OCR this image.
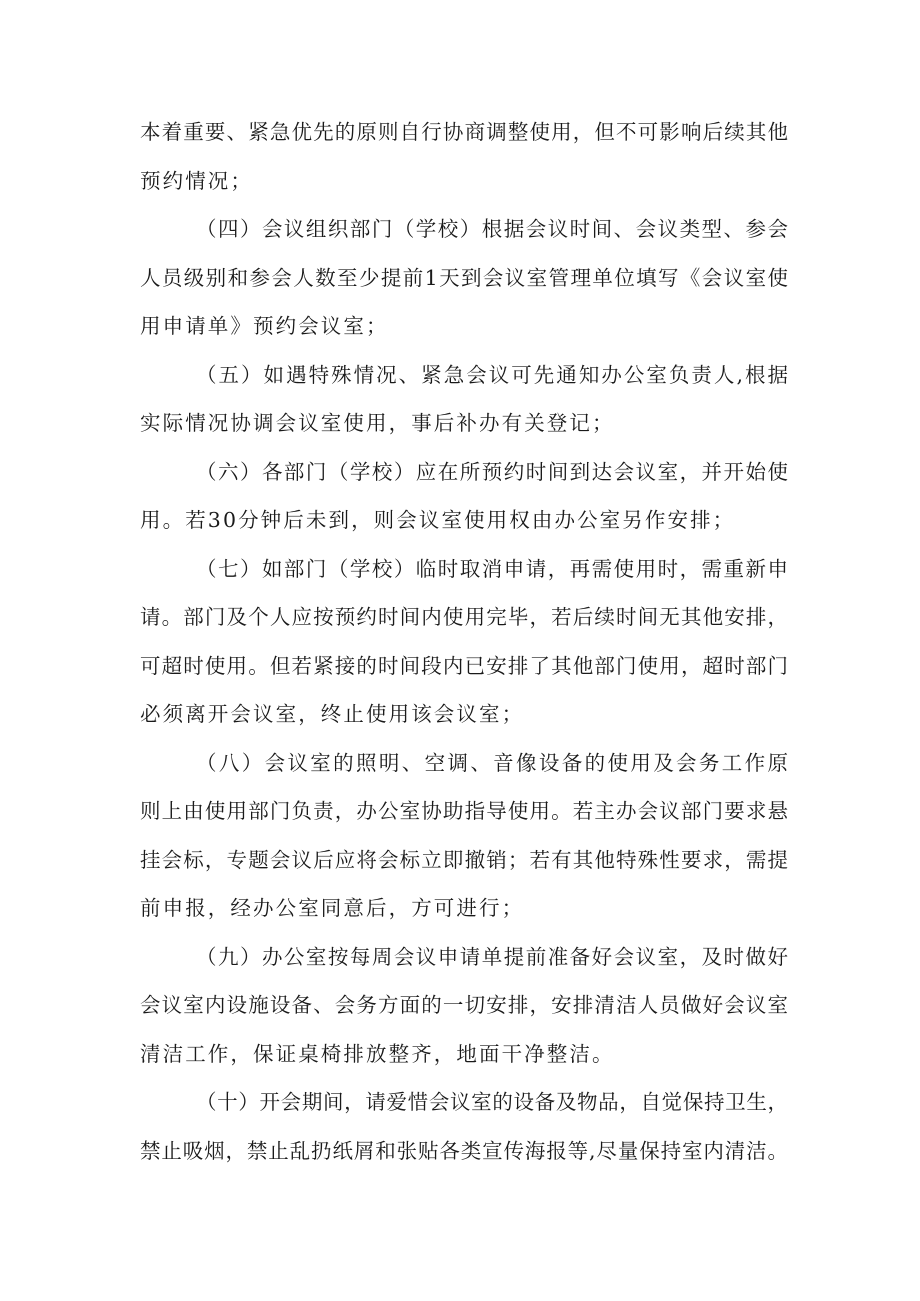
本着重要、紧急优先的原则自行协商调整使用，但不可影响后续其他
预约情况；
（四）会议组织部门（学校）根据会议时间、会议类型、参会
人员级别和参会人数至少提前1天到会议室管理单位填写《会议室使
用申请单》预约会议室；
（五）如遇特殊情况、紧急会议可先通知办公室负责人,根据
实际情况协调会议室使用，事后补办有关登记；
（六）各部门（学校）应在所预约时间到达会议室，并开始使
用。若30分钟后未到，则会议室使用权由办公室另作安排；
（七）如部门（学校）临时取消申请，再需使用时，需重新申
请。部门及个人应按预约时间内使用完毕，若后续时间无其他安排，
可超时使用。但若紧接的时间段内已安排了其他部门使用，超时部门
必须离开会议室，终止使用该会议室；
（八）会议室的照明、空调、音像设备的使用及会务工作原
则上由使用部门负责，办公室协助指导使用。若主办会议部门要求悬
挂会标，专题会议后应将会标立即撤销；若有其他特殊性要求，需提
前申报，经办公室同意后，方可进行；
（九）办公室按每周会议申请单提前准备好会议室，及时做好
会议室内设施设备、会务方面的一切安排，安排清洁人员做好会议室
清洁工作，保证桌椅排放整齐，地面干净整洁。
（十）开会期间，请爱惜会议室的设备及物品，自觉保持卫生，
禁止吸烟，禁止乱扔纸屑和张贴各类宣传海报等,尽量保持室内清洁。
